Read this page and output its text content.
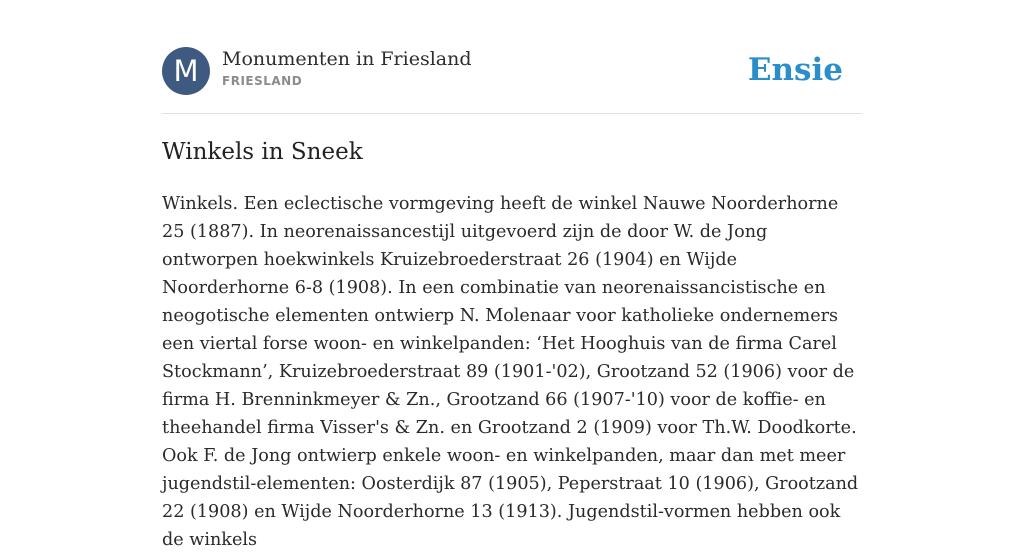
M	Monumenten in Friesland
FRIESLAND	Ensie
Winkels in Sneek

Winkels. Een eclectische vormgeving heeft de winkel Nauwe Noorderhorne 25 (1887). In neorenaissancestijl uitgevoerd zijn de door W. de Jong ontworpen hoekwinkels Kruizebroederstraat 26 (1904) en Wijde Noorderhorne 6-8 (1908). In een combinatie van neorenaissancistische en neogotische elementen ontwierp N. Molenaar voor katholieke ondernemers een viertal forse woon- en winkelpanden: ‘Het Hooghuis van de firma Carel Stockmann’, Kruizebroederstraat 89 (1901-'02), Grootzand 52 (1906) voor de firma H. Brenninkmeyer & Zn., Grootzand 66 (1907-'10) voor de koffie- en theehandel firma Visser's & Zn. en Grootzand 2 (1909) voor Th.W. Doodkorte. Ook F. de Jong ontwierp enkele woon- en winkelpanden, maar dan met meer jugendstil-elementen: Oosterdijk 87 (1905), Peperstraat 10 (1906), Grootzand 22 (1908) en Wijde Noorderhorne 13 (1913). Jugendstil-vormen hebben ook de winkels
